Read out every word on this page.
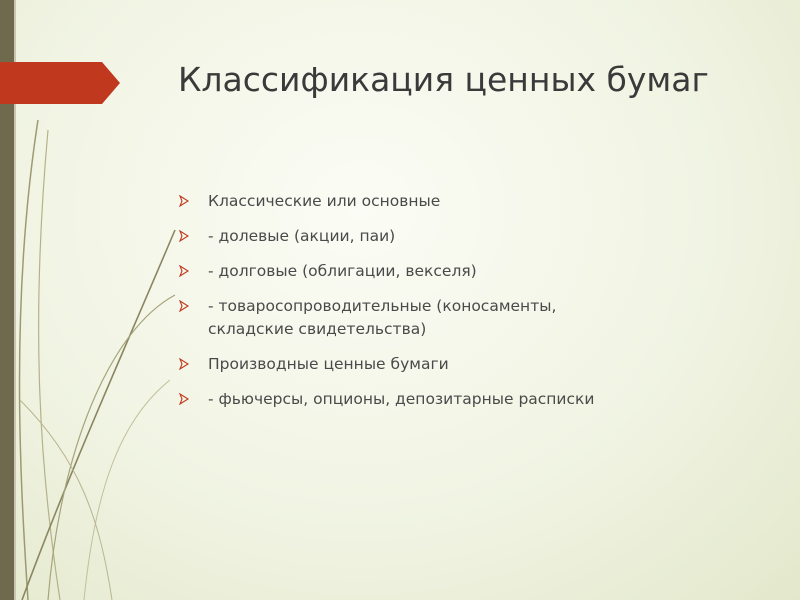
Классификация ценных бумаг
Классические или основные
- долевые (акции, паи)
- долговые (облигации, векселя)
- товаросопроводительные (коносаменты,
складские свидетельства)
Производные ценные бумаги
- фьючерсы, опционы, депозитарные расписки
